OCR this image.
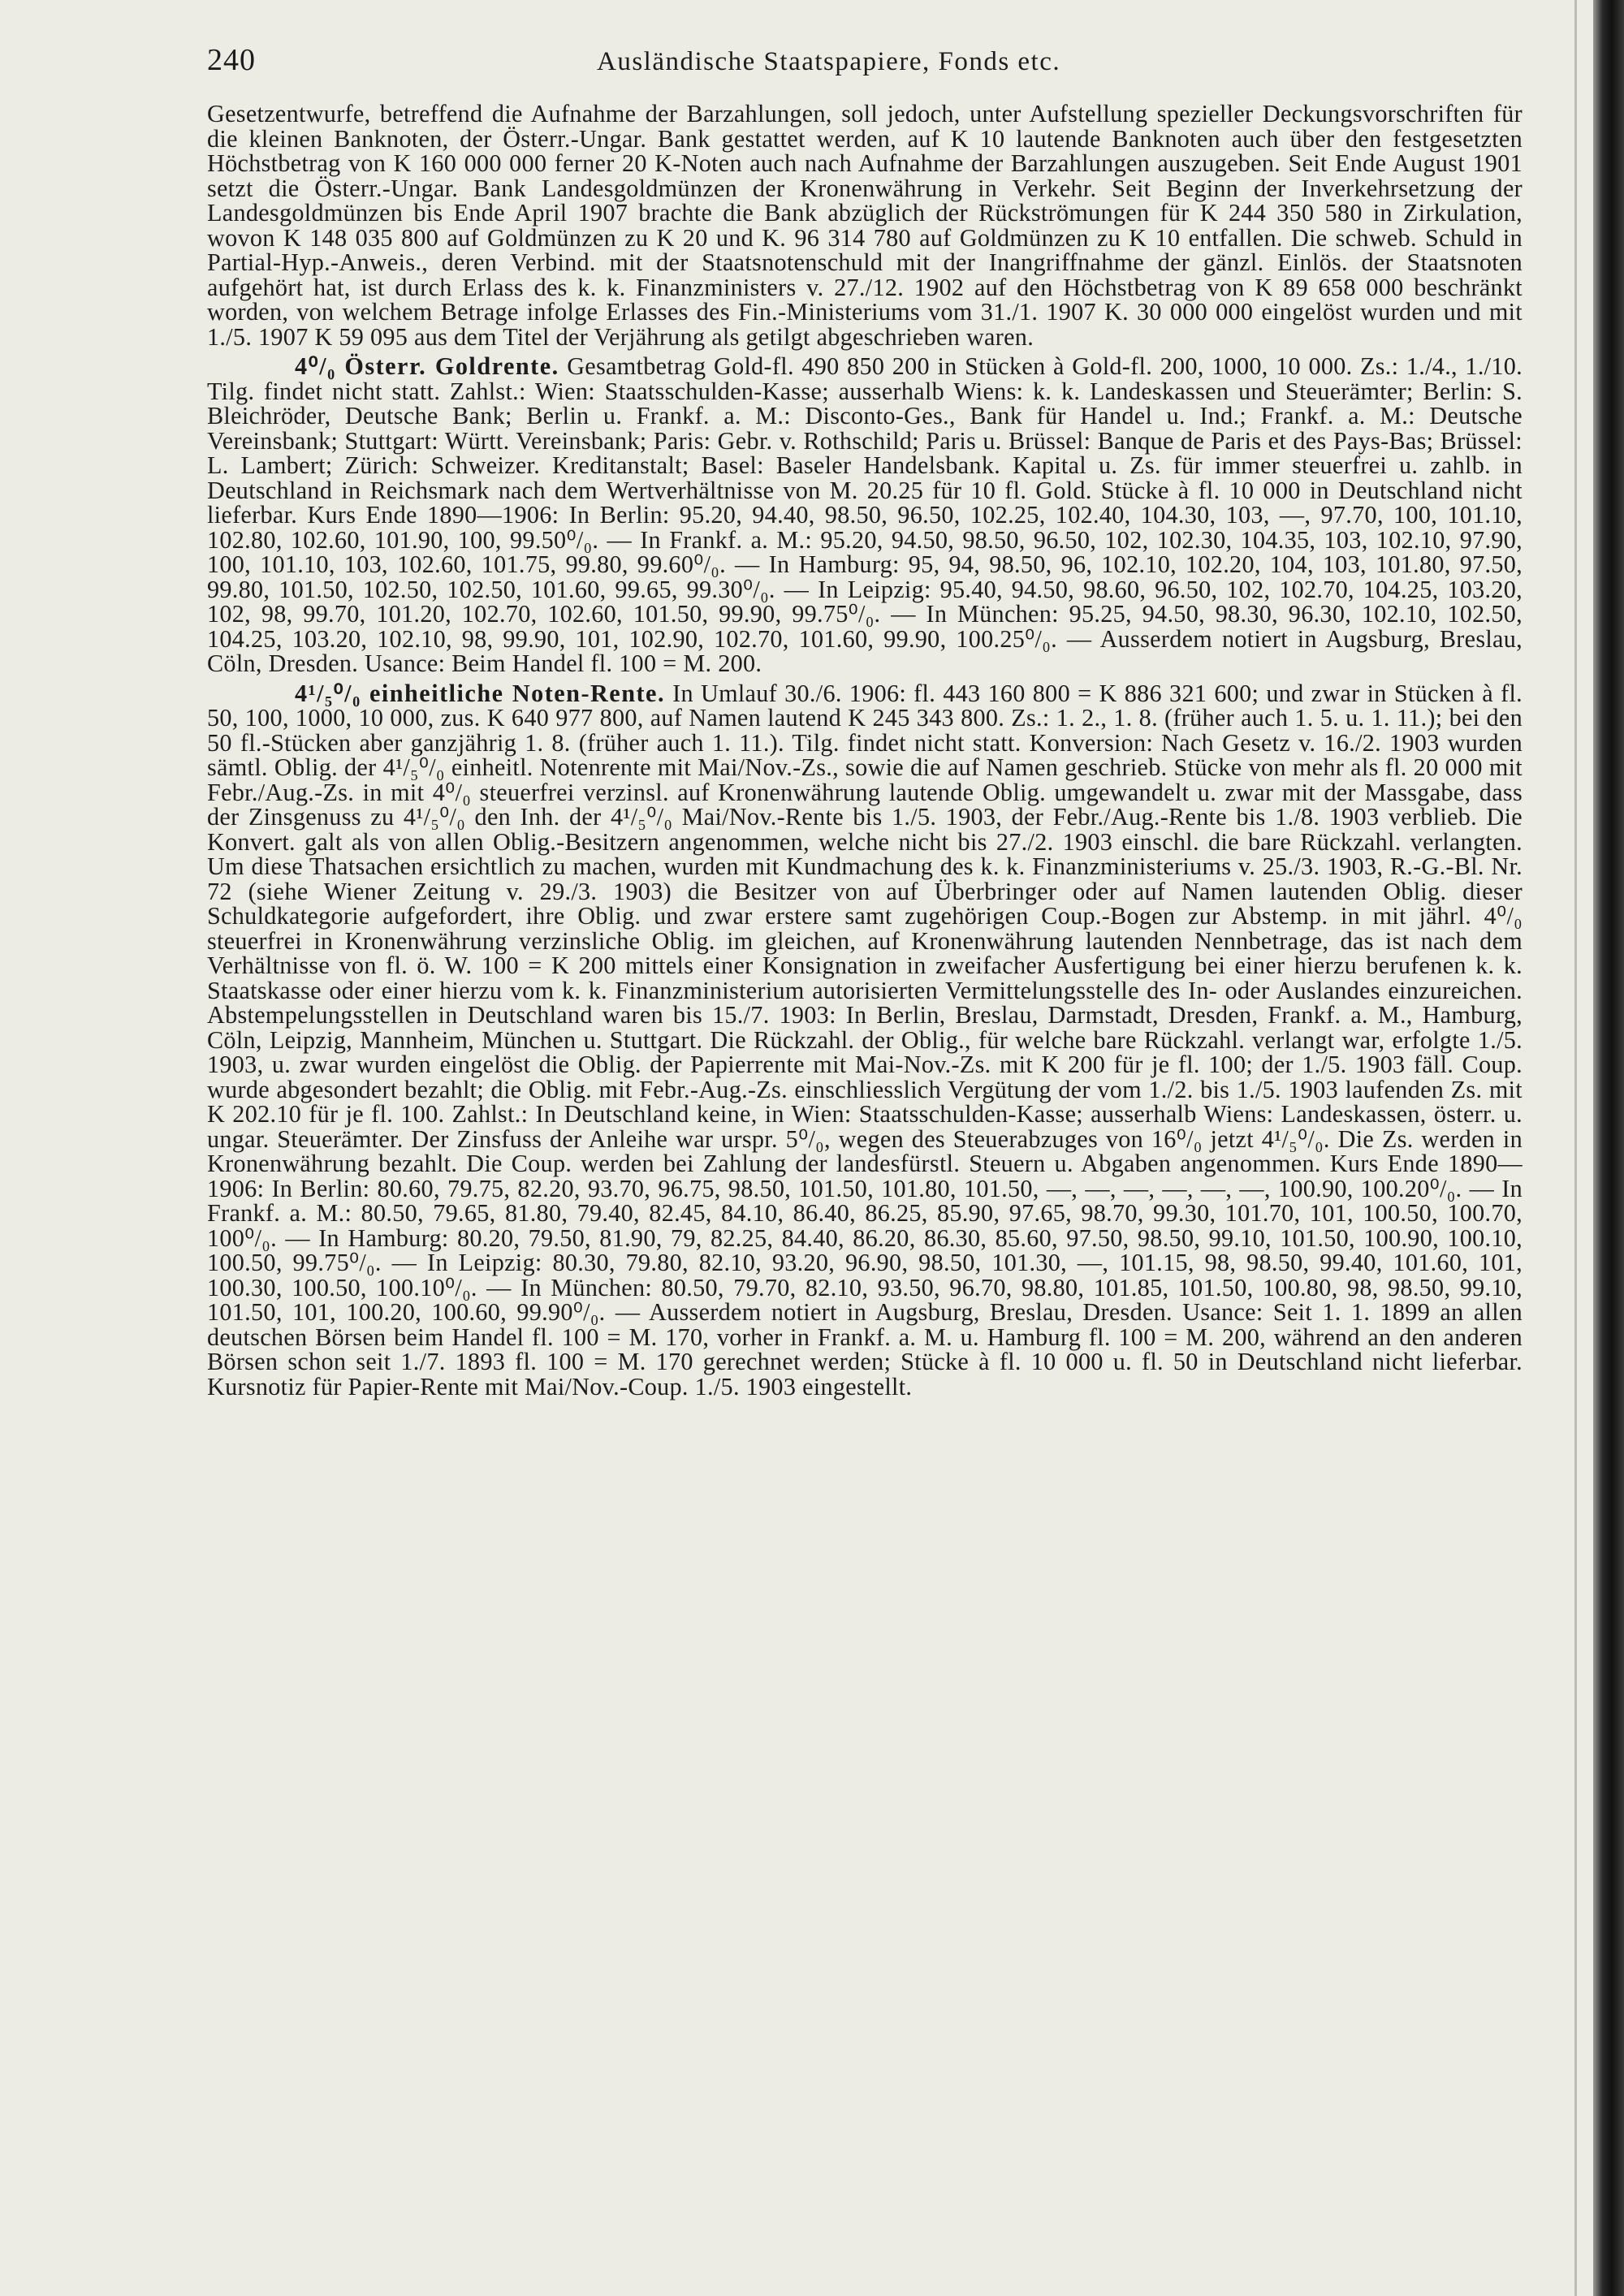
240	Ausländische Staatspapiere, Fonds etc.

Gesetzentwurfe, betreffend die Aufnahme der Barzahlungen, soll jedoch, unter Aufstellung spezieller Deckungsvorschriften für die kleinen Banknoten, der Österr.-Ungar. Bank gestattet werden, auf K 10 lautende Banknoten auch über den festgesetzten Höchstbetrag von K 160 000 000 ferner 20 K-Noten auch nach Aufnahme der Barzahlungen auszugeben. Seit Ende August 1901 setzt die Österr.-Ungar. Bank Landesgoldmünzen der Kronenwährung in Verkehr. Seit Beginn der Inverkehrsetzung der Landesgoldmünzen bis Ende April 1907 brachte die Bank abzüglich der Rückströmungen für K 244 350 580 in Zirkulation, wovon K 148 035 800 auf Goldmünzen zu K 20 und K. 96 314 780 auf Goldmünzen zu K 10 entfallen. Die schweb. Schuld in Partial-Hyp.-Anweis., deren Verbind. mit der Staatsnotenschuld mit der Inangriffnahme der gänzl. Einlös. der Staatsnoten aufgehört hat, ist durch Erlass des k. k. Finanzministers v. 27./12. 1902 auf den Höchstbetrag von K 89 658 000 beschränkt worden, von welchem Betrage infolge Erlasses des Fin.-Ministeriums vom 31./1. 1907 K. 30 000 000 eingelöst wurden und mit 1./5. 1907 K 59 095 aus dem Titel der Verjährung als getilgt abgeschrieben waren.

4⁰/₀ Österr. Goldrente. Gesamtbetrag Gold-fl. 490 850 200 in Stücken à Gold-fl. 200, 1000, 10 000. Zs.: 1./4., 1./10. Tilg. findet nicht statt. Zahlst.: Wien: Staatsschulden-Kasse; ausserhalb Wiens: k. k. Landeskassen und Steuerämter; Berlin: S. Bleichröder, Deutsche Bank; Berlin u. Frankf. a. M.: Disconto-Ges., Bank für Handel u. Ind.; Frankf. a. M.: Deutsche Vereinsbank; Stuttgart: Württ. Vereinsbank; Paris: Gebr. v. Rothschild; Paris u. Brüssel: Banque de Paris et des Pays-Bas; Brüssel: L. Lambert; Zürich: Schweizer. Kreditanstalt; Basel: Baseler Handelsbank. Kapital u. Zs. für immer steuerfrei u. zahlb. in Deutschland in Reichsmark nach dem Wertverhältnisse von M. 20.25 für 10 fl. Gold. Stücke à fl. 10 000 in Deutschland nicht lieferbar. Kurs Ende 1890—1906: In Berlin: 95.20, 94.40, 98.50, 96.50, 102.25, 102.40, 104.30, 103, —, 97.70, 100, 101.10, 102.80, 102.60, 101.90, 100, 99.50⁰/₀. — In Frankf. a. M.: 95.20, 94.50, 98.50, 96.50, 102, 102.30, 104.35, 103, 102.10, 97.90, 100, 101.10, 103, 102.60, 101.75, 99.80, 99.60⁰/₀. — In Hamburg: 95, 94, 98.50, 96, 102.10, 102.20, 104, 103, 101.80, 97.50, 99.80, 101.50, 102.50, 102.50, 101.60, 99.65, 99.30⁰/₀. — In Leipzig: 95.40, 94.50, 98.60, 96.50, 102, 102.70, 104.25, 103.20, 102, 98, 99.70, 101.20, 102.70, 102.60, 101.50, 99.90, 99.75⁰/₀. — In München: 95.25, 94.50, 98.30, 96.30, 102.10, 102.50, 104.25, 103.20, 102.10, 98, 99.90, 101, 102.90, 102.70, 101.60, 99.90, 100.25⁰/₀. — Ausserdem notiert in Augsburg, Breslau, Cöln, Dresden. Usance: Beim Handel fl. 100 = M. 200.

4¹/₅⁰/₀ einheitliche Noten-Rente. In Umlauf 30./6. 1906: fl. 443 160 800 = K 886 321 600; und zwar in Stücken à fl. 50, 100, 1000, 10 000, zus. K 640 977 800, auf Namen lautend K 245 343 800. Zs.: 1. 2., 1. 8. (früher auch 1. 5. u. 1. 11.); bei den 50 fl.-Stücken aber ganzjährig 1. 8. (früher auch 1. 11.). Tilg. findet nicht statt. Konversion: Nach Gesetz v. 16./2. 1903 wurden sämtl. Oblig. der 4¹/₅⁰/₀ einheitl. Notenrente mit Mai/Nov.-Zs., sowie die auf Namen geschrieb. Stücke von mehr als fl. 20 000 mit Febr./Aug.-Zs. in mit 4⁰/₀ steuerfrei verzinsl. auf Kronenwährung lautende Oblig. umgewandelt u. zwar mit der Massgabe, dass der Zinsgenuss zu 4¹/₅⁰/₀ den Inh. der 4¹/₅⁰/₀ Mai/Nov.-Rente bis 1./5. 1903, der Febr./Aug.-Rente bis 1./8. 1903 verblieb. Die Konvert. galt als von allen Oblig.-Besitzern angenommen, welche nicht bis 27./2. 1903 einschl. die bare Rückzahl. verlangten. Um diese Thatsachen ersichtlich zu machen, wurden mit Kundmachung des k. k. Finanzministeriums v. 25./3. 1903, R.-G.-Bl. Nr. 72 (siehe Wiener Zeitung v. 29./3. 1903) die Besitzer von auf Überbringer oder auf Namen lautenden Oblig. dieser Schuldkategorie aufgefordert, ihre Oblig. und zwar erstere samt zugehörigen Coup.-Bogen zur Abstemp. in mit jährl. 4⁰/₀ steuerfrei in Kronenwährung verzinsliche Oblig. im gleichen, auf Kronenwährung lautenden Nennbetrage, das ist nach dem Verhältnisse von fl. ö. W. 100 = K 200 mittels einer Konsignation in zweifacher Ausfertigung bei einer hierzu berufenen k. k. Staatskasse oder einer hierzu vom k. k. Finanzministerium autorisierten Vermittelungsstelle des In- oder Auslandes einzureichen. Abstempelungsstellen in Deutschland waren bis 15./7. 1903: In Berlin, Breslau, Darmstadt, Dresden, Frankf. a. M., Hamburg, Cöln, Leipzig, Mannheim, München u. Stuttgart. Die Rückzahl. der Oblig., für welche bare Rückzahl. verlangt war, erfolgte 1./5. 1903, u. zwar wurden eingelöst die Oblig. der Papierrente mit Mai-Nov.-Zs. mit K 200 für je fl. 100; der 1./5. 1903 fäll. Coup. wurde abgesondert bezahlt; die Oblig. mit Febr.-Aug.-Zs. einschliesslich Vergütung der vom 1./2. bis 1./5. 1903 laufenden Zs. mit K 202.10 für je fl. 100. Zahlst.: In Deutschland keine, in Wien: Staatsschulden-Kasse; ausserhalb Wiens: Landeskassen, österr. u. ungar. Steuerämter. Der Zinsfuss der Anleihe war urspr. 5⁰/₀, wegen des Steuerabzuges von 16⁰/₀ jetzt 4¹/₅⁰/₀. Die Zs. werden in Kronenwährung bezahlt. Die Coup. werden bei Zahlung der landesfürstl. Steuern u. Abgaben angenommen. Kurs Ende 1890—1906: In Berlin: 80.60, 79.75, 82.20, 93.70, 96.75, 98.50, 101.50, 101.80, 101.50, —, —, —, —, —, —, 100.90, 100.20⁰/₀. — In Frankf. a. M.: 80.50, 79.65, 81.80, 79.40, 82.45, 84.10, 86.40, 86.25, 85.90, 97.65, 98.70, 99.30, 101.70, 101, 100.50, 100.70, 100⁰/₀. — In Hamburg: 80.20, 79.50, 81.90, 79, 82.25, 84.40, 86.20, 86.30, 85.60, 97.50, 98.50, 99.10, 101.50, 100.90, 100.10, 100.50, 99.75⁰/₀. — In Leipzig: 80.30, 79.80, 82.10, 93.20, 96.90, 98.50, 101.30, —, 101.15, 98, 98.50, 99.40, 101.60, 101, 100.30, 100.50, 100.10⁰/₀. — In München: 80.50, 79.70, 82.10, 93.50, 96.70, 98.80, 101.85, 101.50, 100.80, 98, 98.50, 99.10, 101.50, 101, 100.20, 100.60, 99.90⁰/₀. — Ausserdem notiert in Augsburg, Breslau, Dresden. Usance: Seit 1. 1. 1899 an allen deutschen Börsen beim Handel fl. 100 = M. 170, vorher in Frankf. a. M. u. Hamburg fl. 100 = M. 200, während an den anderen Börsen schon seit 1./7. 1893 fl. 100 = M. 170 gerechnet werden; Stücke à fl. 10 000 u. fl. 50 in Deutschland nicht lieferbar. Kursnotiz für Papier-Rente mit Mai/Nov.-Coup. 1./5. 1903 eingestellt.
